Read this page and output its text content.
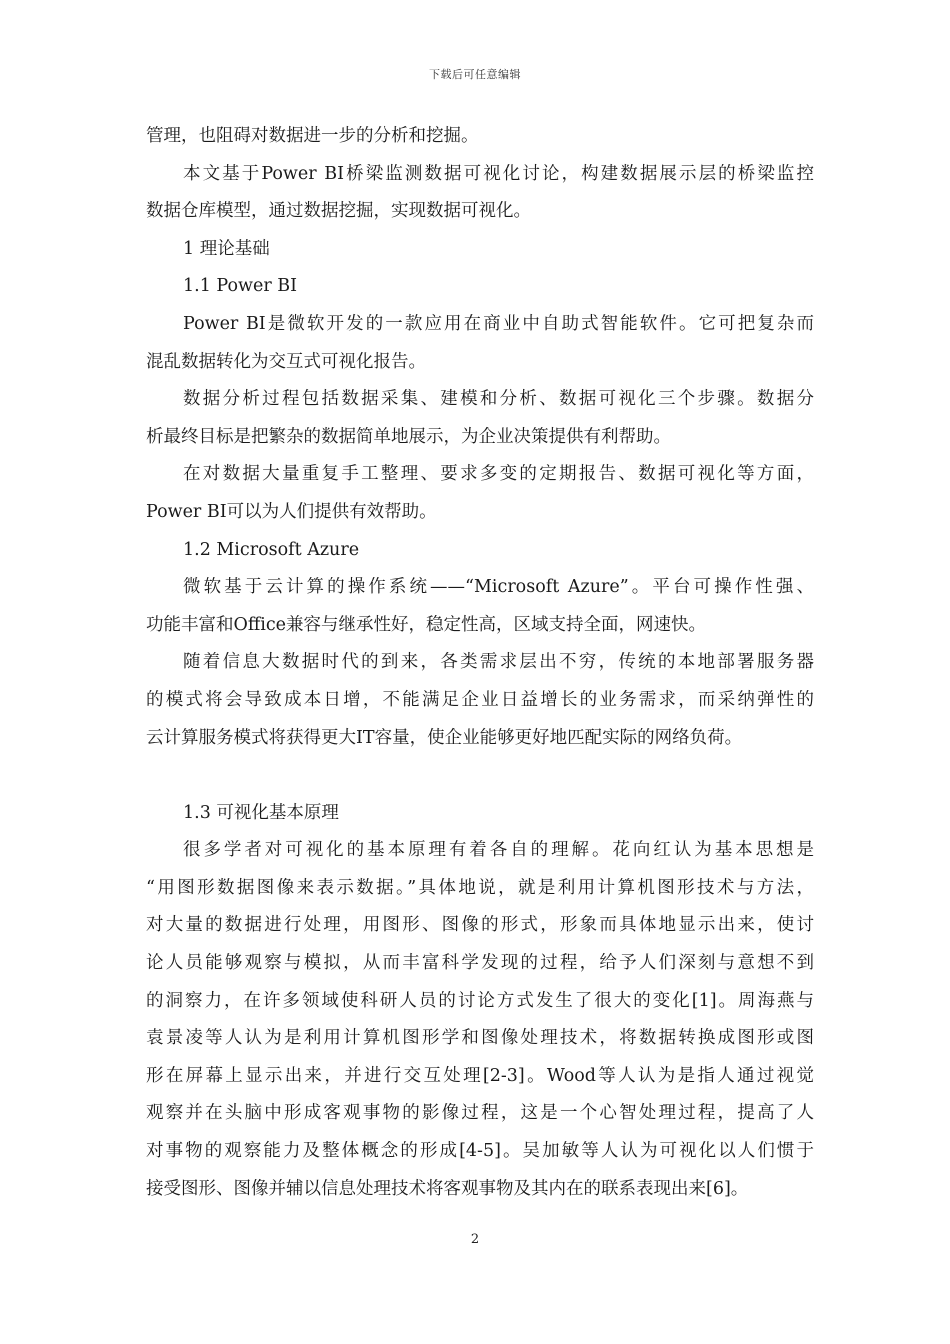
下载后可任意编辑
管理，也阻碍对数据进一步的分析和挖掘。
本文基于Power BI桥梁监测数据可视化讨论，构建数据展示层的桥梁监控
数据仓库模型，通过数据挖掘，实现数据可视化。
1 理论基础
1.1 Power BI
Power BI是微软开发的一款应用在商业中自助式智能软件。它可把复杂而
混乱数据转化为交互式可视化报告。
数据分析过程包括数据采集、建模和分析、数据可视化三个步骤。数据分
析最终目标是把繁杂的数据简单地展示，为企业决策提供有利帮助。
在对数据大量重复手工整理、要求多变的定期报告、数据可视化等方面，
Power BI可以为人们提供有效帮助。
1.2 Microsoft Azure
微软基于云计算的操作系统——“Microsoft Azure”。平台可操作性强、
功能丰富和Office兼容与继承性好，稳定性高，区域支持全面，网速快。
随着信息大数据时代的到来，各类需求层出不穷，传统的本地部署服务器
的模式将会导致成本日增，不能满足企业日益增长的业务需求，而采纳弹性的
云计算服务模式将获得更大IT容量，使企业能够更好地匹配实际的网络负荷。
1.3 可视化基本原理
很多学者对可视化的基本原理有着各自的理解。花向红认为基本思想是
“用图形数据图像来表示数据。”具体地说，就是利用计算机图形技术与方法，
对大量的数据进行处理，用图形、图像的形式，形象而具体地显示出来，使讨
论人员能够观察与模拟，从而丰富科学发现的过程，给予人们深刻与意想不到
的洞察力，在许多领域使科研人员的讨论方式发生了很大的变化[1]。周海燕与
袁景凌等人认为是利用计算机图形学和图像处理技术，将数据转换成图形或图
形在屏幕上显示出来，并进行交互处理[2-3]。Wood等人认为是指人通过视觉
观察并在头脑中形成客观事物的影像过程，这是一个心智处理过程，提高了人
对事物的观察能力及整体概念的形成[4-5]。吴加敏等人认为可视化以人们惯于
接受图形、图像并辅以信息处理技术将客观事物及其内在的联系表现出来[6]。
2
